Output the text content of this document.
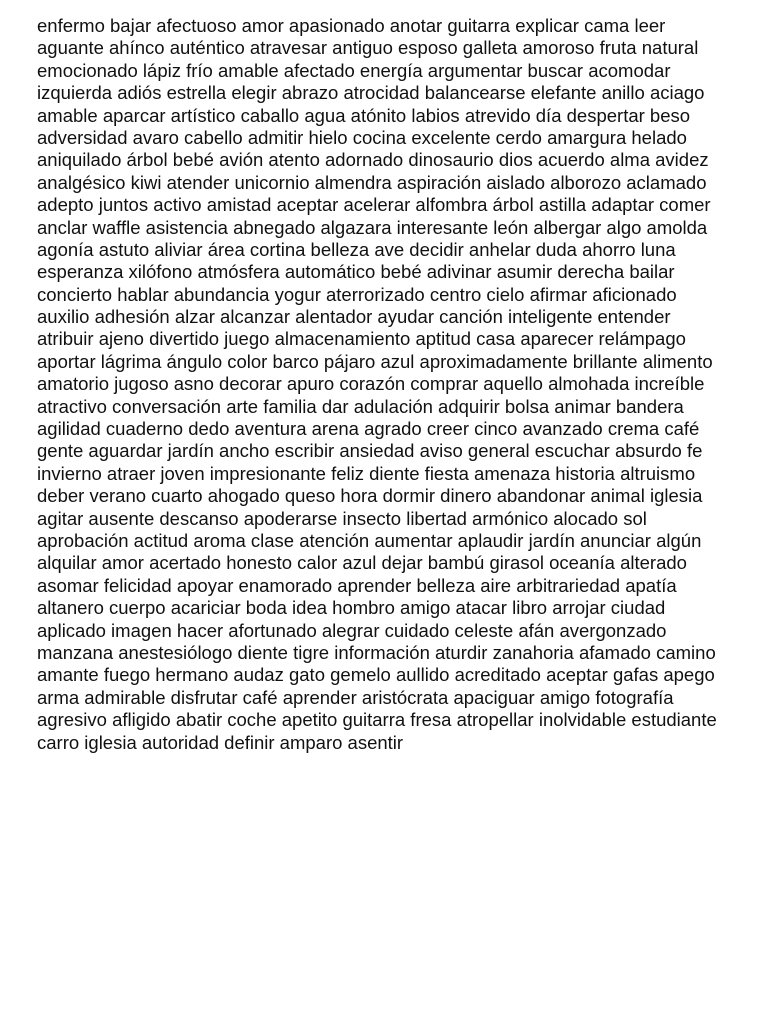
enfermo bajar afectuoso amor apasionado anotar guitarra explicar cama leer
aguante ahínco auténtico atravesar antiguo esposo galleta amoroso fruta natural
emocionado lápiz frío amable afectado energía argumentar buscar acomodar
izquierda adiós estrella elegir abrazo atrocidad balancearse elefante anillo aciago
amable aparcar artístico caballo agua atónito labios atrevido día despertar beso
adversidad avaro cabello admitir hielo cocina excelente cerdo amargura helado
aniquilado árbol bebé avión atento adornado dinosaurio dios acuerdo alma avidez
analgésico kiwi atender unicornio almendra aspiración aislado alborozo aclamado
adepto juntos activo amistad aceptar acelerar alfombra árbol astilla adaptar comer
anclar waffle asistencia abnegado algazara interesante león albergar algo amolda
agonía astuto aliviar área cortina belleza ave decidir anhelar duda ahorro luna
esperanza xilófono atmósfera automático bebé adivinar asumir derecha bailar
concierto hablar abundancia yogur aterrorizado centro cielo afirmar aficionado
auxilio adhesión alzar alcanzar alentador ayudar canción inteligente entender
atribuir ajeno divertido juego almacenamiento aptitud casa aparecer relámpago
aportar lágrima ángulo color barco pájaro azul aproximadamente brillante alimento
amatorio jugoso asno decorar apuro corazón comprar aquello almohada increíble
atractivo conversación arte familia dar adulación adquirir bolsa animar bandera
agilidad cuaderno dedo aventura arena agrado creer cinco avanzado crema café
gente aguardar jardín ancho escribir ansiedad aviso general escuchar absurdo fe
invierno atraer joven impresionante feliz diente fiesta amenaza historia altruismo
deber verano cuarto ahogado queso hora dormir dinero abandonar animal iglesia
agitar ausente descanso apoderarse insecto libertad armónico alocado sol
aprobación actitud aroma clase atención aumentar aplaudir jardín anunciar algún
alquilar amor acertado honesto calor azul dejar bambú girasol oceanía alterado
asomar felicidad apoyar enamorado aprender belleza aire arbitrariedad apatía
altanero cuerpo acariciar boda idea hombro amigo atacar libro arrojar ciudad
aplicado imagen hacer afortunado alegrar cuidado celeste afán avergonzado
manzana anestesiólogo diente tigre información aturdir zanahoria afamado camino
amante fuego hermano audaz gato gemelo aullido acreditado aceptar gafas apego
arma admirable disfrutar café aprender aristócrata apaciguar amigo fotografía
agresivo afligido abatir coche apetito guitarra fresa atropellar inolvidable estudiante
carro iglesia autoridad definir amparo asentir
